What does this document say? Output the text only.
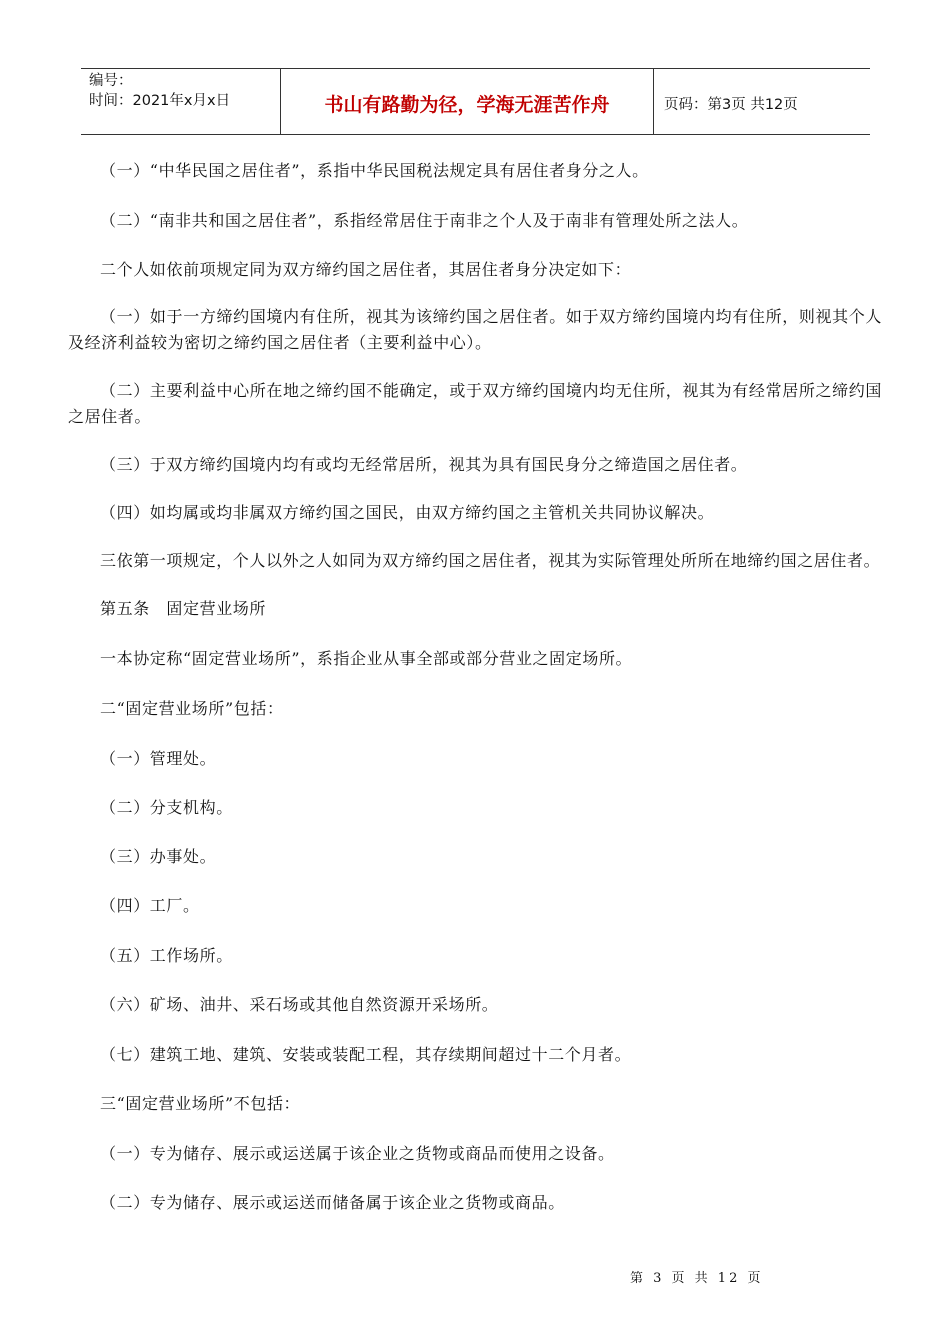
编号：
时间：2021年x月x日	书山有路勤为径，学海无涯苦作舟	页码：第3页 共12页

（一）“中华民国之居住者”，系指中华民国税法规定具有居住者身分之人。

（二）“南非共和国之居住者”，系指经常居住于南非之个人及于南非有管理处所之法人。

二个人如依前项规定同为双方缔约国之居住者，其居住者身分决定如下：

（一）如于一方缔约国境内有住所，视其为该缔约国之居住者。如于双方缔约国境内均有住所，则视其个人及经济利益较为密切之缔约国之居住者（主要利益中心）。

（二）主要利益中心所在地之缔约国不能确定，或于双方缔约国境内均无住所，视其为有经常居所之缔约国之居住者。

（三）于双方缔约国境内均有或均无经常居所，视其为具有国民身分之缔造国之居住者。

（四）如均属或均非属双方缔约国之国民，由双方缔约国之主管机关共同协议解决。

三依第一项规定，个人以外之人如同为双方缔约国之居住者，视其为实际管理处所所在地缔约国之居住者。

第五条　固定营业场所

一本协定称“固定营业场所”，系指企业从事全部或部分营业之固定场所。

二“固定营业场所”包括：

（一）管理处。

（二）分支机构。

（三）办事处。

（四）工厂。

（五）工作场所。

（六）矿场、油井、采石场或其他自然资源开采场所。

（七）建筑工地、建筑、安装或装配工程，其存续期间超过十二个月者。

三“固定营业场所”不包括：

（一）专为储存、展示或运送属于该企业之货物或商品而使用之设备。

（二）专为储存、展示或运送而储备属于该企业之货物或商品。

第 3 页 共 12 页
